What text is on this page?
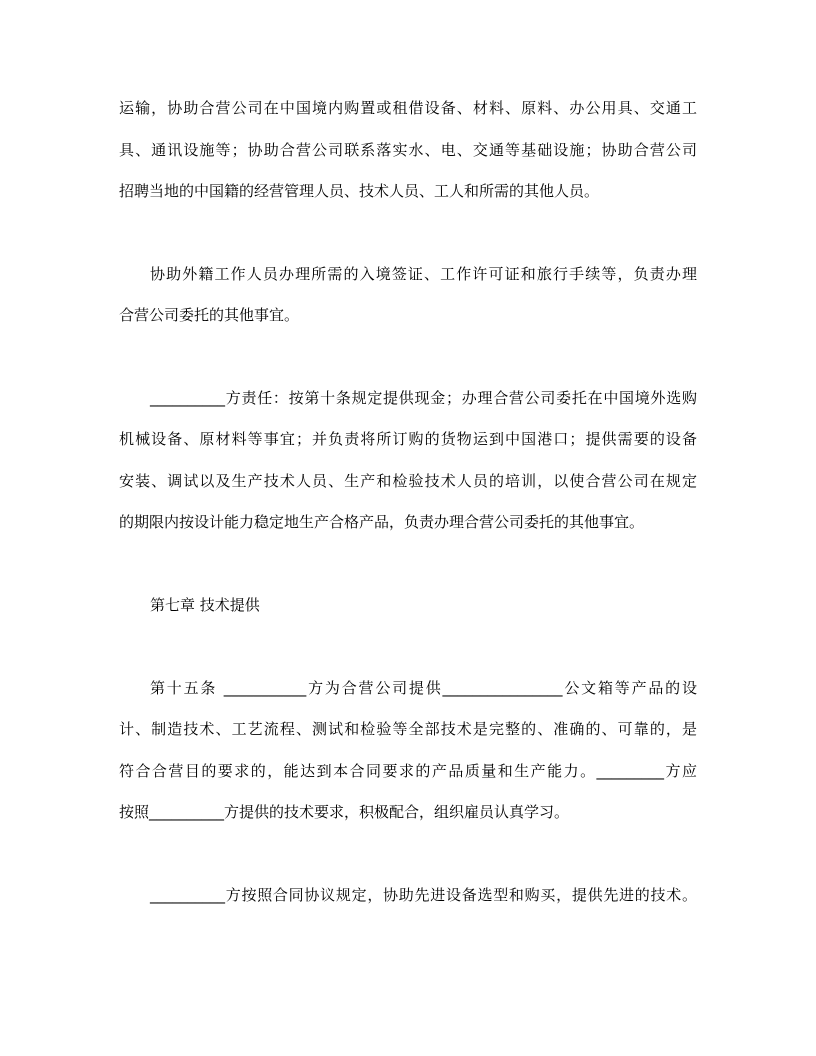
运输，协助合营公司在中国境内购置或租借设备、材料、原料、办公用具、交通工
具、通讯设施等；协助合营公司联系落实水、电、交通等基础设施；协助合营公司
招聘当地的中国籍的经营管理人员、技术人员、工人和所需的其他人员。
协助外籍工作人员办理所需的入境签证、工作许可证和旅行手续等，负责办理
合营公司委托的其他事宜。
__________方责任：按第十条规定提供现金；办理合营公司委托在中国境外选购
机械设备、原材料等事宜；并负责将所订购的货物运到中国港口；提供需要的设备
安装、调试以及生产技术人员、生产和检验技术人员的培训，以使合营公司在规定
的期限内按设计能力稳定地生产合格产品，负责办理合营公司委托的其他事宜。
第七章 技术提供
第十五条 ___________方为合营公司提供________________公文箱等产品的设
计、制造技术、工艺流程、测试和检验等全部技术是完整的、准确的、可靠的，是
符合合营目的要求的，能达到本合同要求的产品质量和生产能力。_________方应
按照__________方提供的技术要求，积极配合，组织雇员认真学习。
__________方按照合同协议规定，协助先进设备选型和购买，提供先进的技术。
